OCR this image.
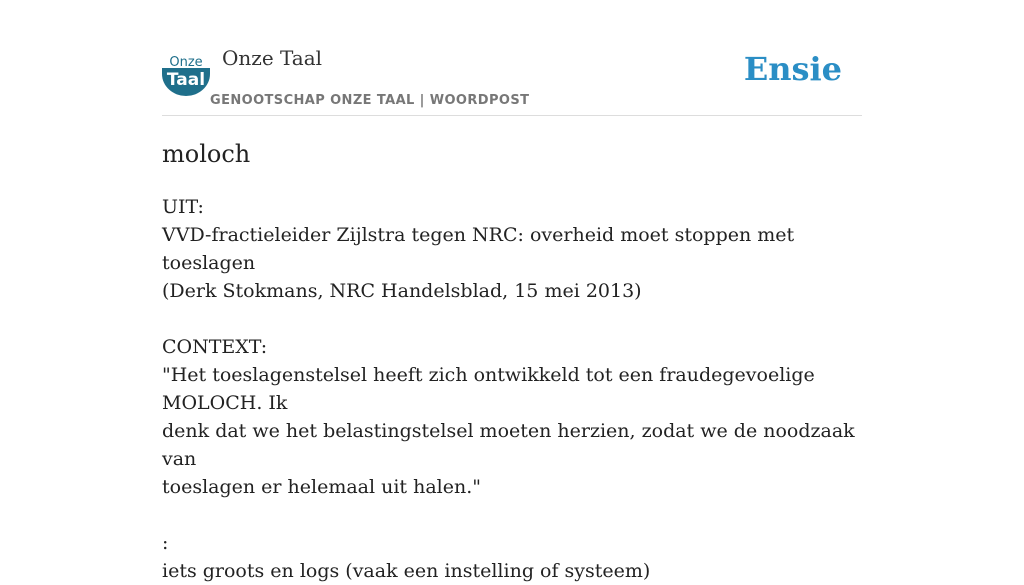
Onze
Taal
Onze Taal
GENOOTSCHAP ONZE TAAL | WOORDPOST
Ensie
moloch

UIT:

VVD-fractieleider Zijlstra tegen NRC: overheid moet stoppen met toeslagen

(Derk Stokmans, NRC Handelsblad, 15 mei 2013)

CONTEXT:

"Het toeslagenstelsel heeft zich ontwikkeld tot een fraudegevoelige MOLOCH. Ik

denk dat we het belastingstelsel moeten herzien, zodat we de noodzaak van

toeslagen er helemaal uit halen."

:

iets groots en logs (vaak een instelling of systeem)
